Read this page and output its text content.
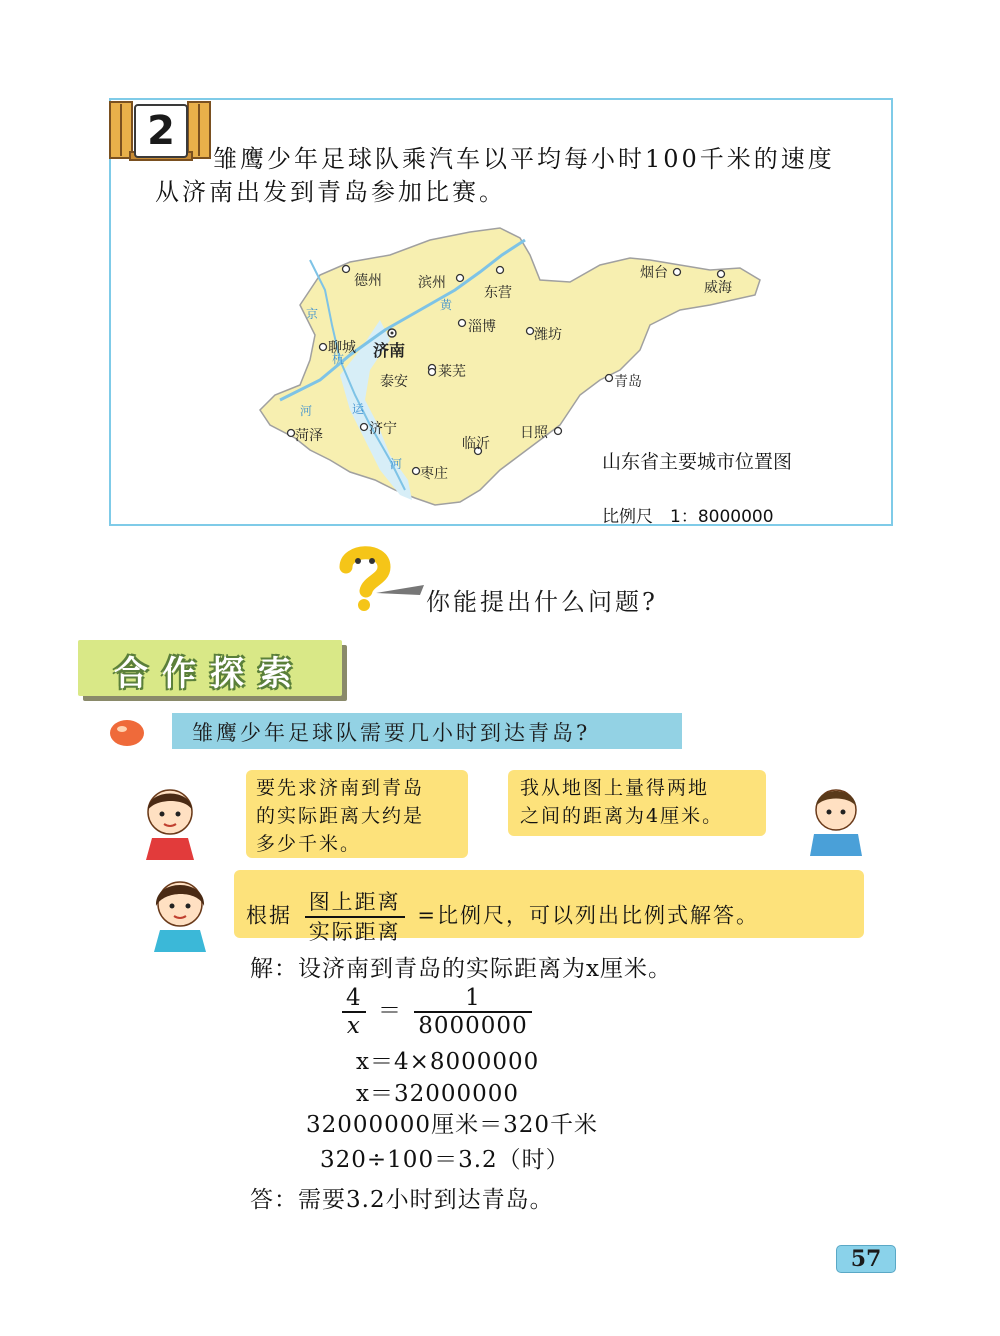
2
雏鹰少年足球队乘汽车以平均每小时100千米的速度
从济南出发到青岛参加比赛。
德州	滨州
东营
烟台
威海
淄博	潍坊
聊城 济南
泰安
莱芜
青岛
菏泽	济宁
临沂
日照
枣庄
京
杭
河	运
河
黄
山东省主要城市位置图
比例尺　1：8000000
你能提出什么问题?
合作探索
雏鹰少年足球队需要几小时到达青岛?
要先求济南到青岛
的实际距离大约是
多少千米。
我从地图上量得两地
之间的距离为4厘米。
根据 $\frac{\text{图上距离}}{\text{实际距离}}$ =比例尺，可以列出比例式解答。
解：设济南到青岛的实际距离为x厘米。
$\frac{4}{x} = \frac{1}{8000000}$
x＝4×8000000
x＝32000000
32000000厘米＝320千米
320÷100＝3.2（时）
答：需要3.2小时到达青岛。
57
